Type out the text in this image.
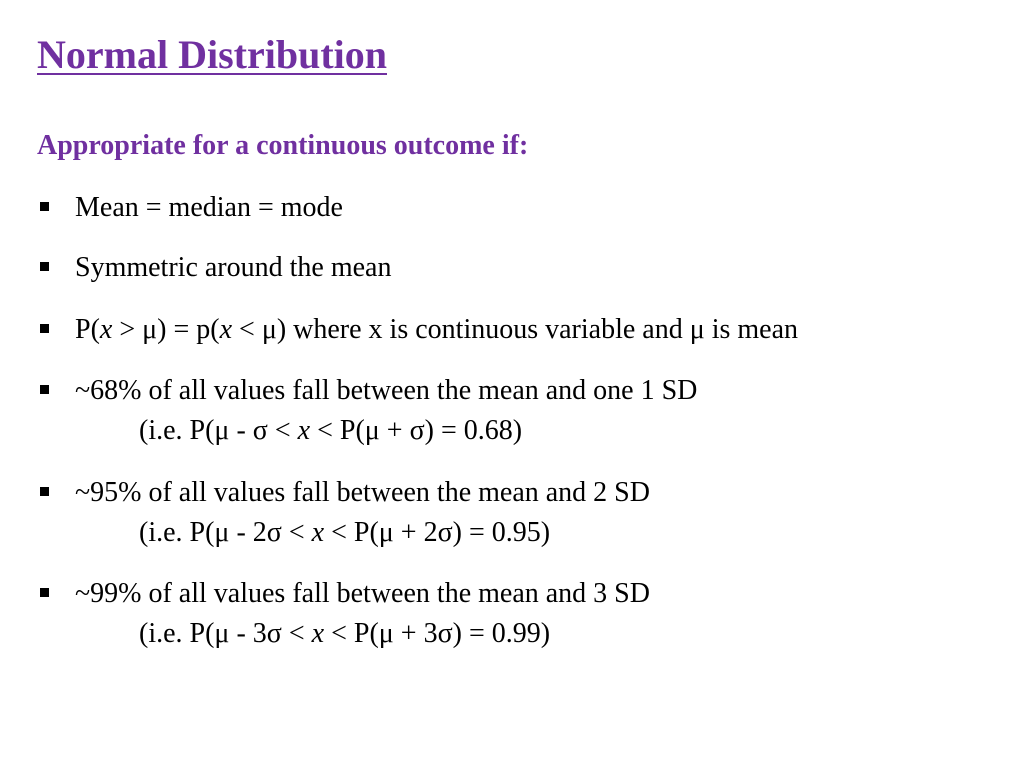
Normal Distribution
Appropriate for a continuous outcome if:
Mean = median = mode
Symmetric around the mean
P(x > μ) = p(x < μ) where x is continuous variable and μ is mean
~68% of all values fall between the mean and one 1 SD
(i.e. P(μ - σ < x < P(μ + σ) = 0.68)
~95% of all values fall between the mean and 2 SD
(i.e. P(μ - 2σ < x < P(μ + 2σ) = 0.95)
~99% of all values fall between the mean and 3 SD
(i.e. P(μ - 3σ < x < P(μ + 3σ) = 0.99)
